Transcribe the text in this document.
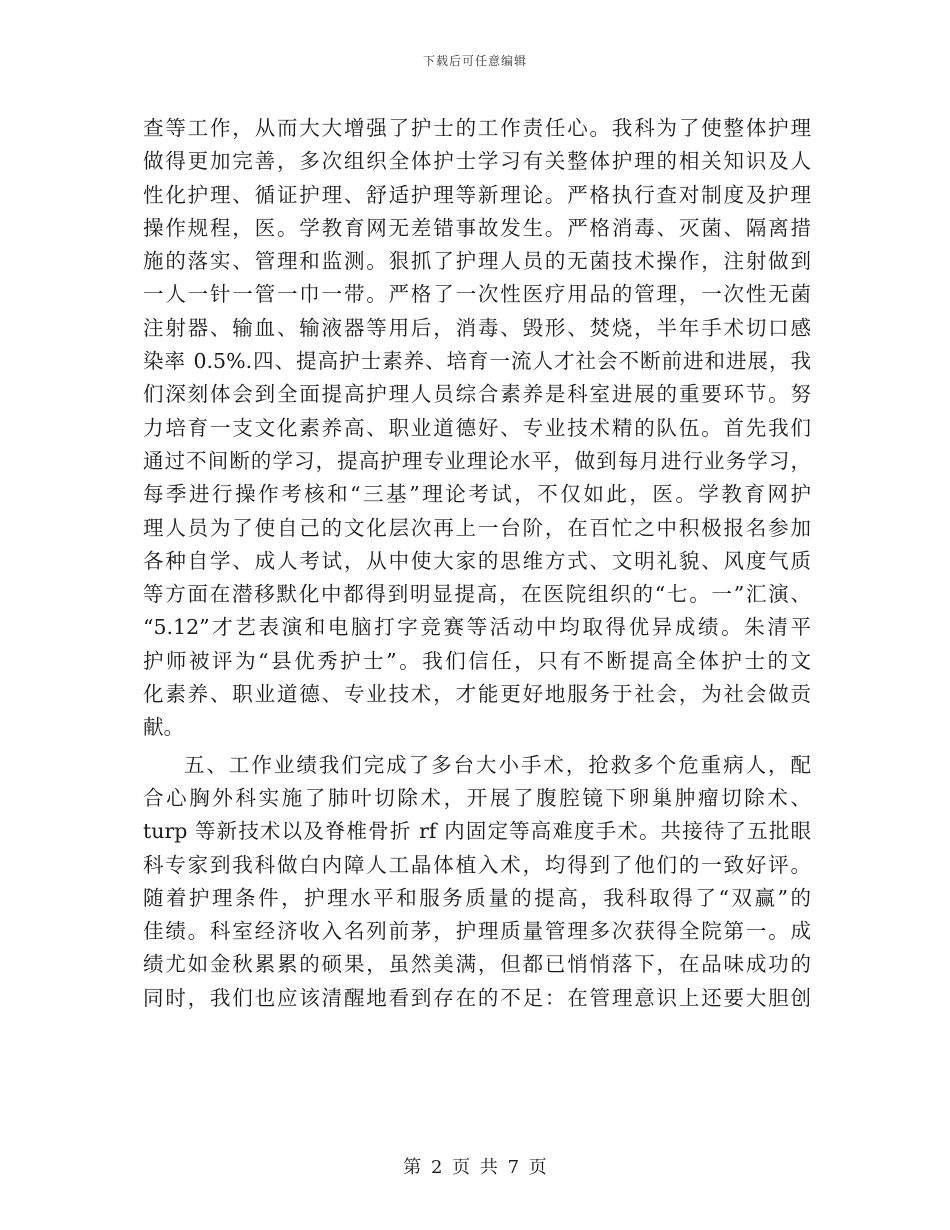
下载后可任意编辑

查等工作，从而大大增强了护士的工作责任心。我科为了使整体护理
做得更加完善，多次组织全体护士学习有关整体护理的相关知识及人
性化护理、循证护理、舒适护理等新理论。严格执行查对制度及护理
操作规程，医。学教育网无差错事故发生。严格消毒、灭菌、隔离措
施的落实、管理和监测。狠抓了护理人员的无菌技术操作，注射做到
一人一针一管一巾一带。严格了一次性医疗用品的管理，一次性无菌
注射器、输血、输液器等用后，消毒、毁形、焚烧，半年手术切口感
染率 0.5%.四、提高护士素养、培育一流人才社会不断前进和进展，我
们深刻体会到全面提高护理人员综合素养是科室进展的重要环节。努
力培育一支文化素养高、职业道德好、专业技术精的队伍。首先我们
通过不间断的学习，提高护理专业理论水平，做到每月进行业务学习，
每季进行操作考核和“三基”理论考试，不仅如此，医。学教育网护
理人员为了使自己的文化层次再上一台阶，在百忙之中积极报名参加
各种自学、成人考试，从中使大家的思维方式、文明礼貌、风度气质
等方面在潜移默化中都得到明显提高，在医院组织的“七。一”汇演、
“5.12”才艺表演和电脑打字竞赛等活动中均取得优异成绩。朱清平
护师被评为“县优秀护士”。我们信任，只有不断提高全体护士的文
化素养、职业道德、专业技术，才能更好地服务于社会，为社会做贡
献。

五、工作业绩我们完成了多台大小手术，抢救多个危重病人，配
合心胸外科实施了肺叶切除术，开展了腹腔镜下卵巢肿瘤切除术、
turp 等新技术以及脊椎骨折 rf 内固定等高难度手术。共接待了五批眼
科专家到我科做白内障人工晶体植入术，均得到了他们的一致好评。
随着护理条件，护理水平和服务质量的提高，我科取得了“双赢”的
佳绩。科室经济收入名列前茅，护理质量管理多次获得全院第一。成
绩尤如金秋累累的硕果，虽然美满，但都已悄悄落下，在品味成功的
同时，我们也应该清醒地看到存在的不足：在管理意识上还要大胆创

第 2 页 共 7 页
